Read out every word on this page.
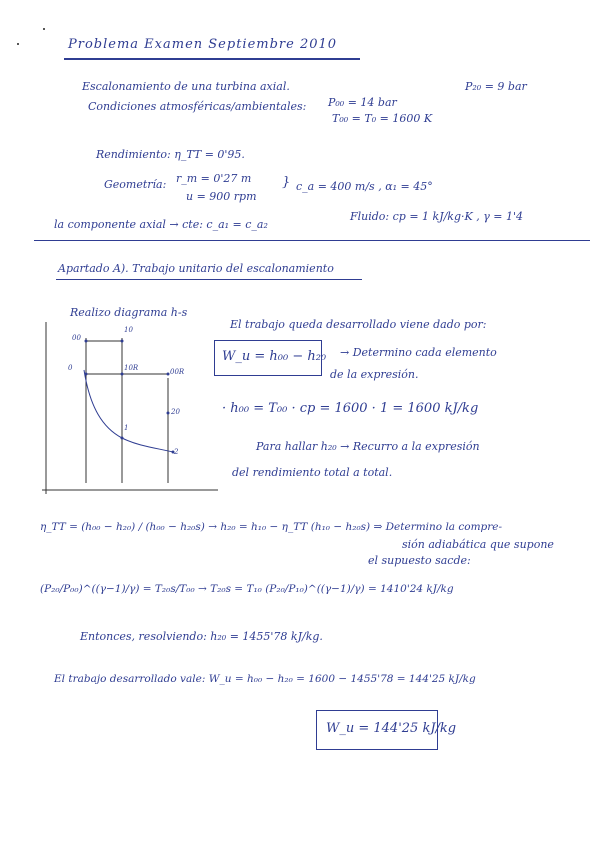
Problema Examen Septiembre 2010
Escalonamiento de una turbina axial.	P₂₀ = 9 bar
Condiciones atmosféricas/ambientales: P₀₀ = 14 bar
T₀₀ = T₀ = 1600 K
Rendimiento: η_TT = 0'95.
Geometría: r_m = 0'27 m
u = 900 rpm
} c_a = 400 m/s , α₁ = 45°
la componente axial → cte: c_a₁ = c_a₂
Fluido: cp = 1 kJ/kg·K , γ = 1'4
Apartado A). Trabajo unitario del escalonamiento
Realizo diagrama h-s
00
10
0	10R	00R
20
1
2
El trabajo queda desarrollado viene dado por:
W_u = h₀₀ − h₂₀ → Determino cada elemento
de la expresión.
· h₀₀ = T₀₀ · cp = 1600 · 1 = 1600 kJ/kg
Para hallar h₂₀ → Recurro a la expresión
del rendimiento total a total.
η_TT = (h₀₀ − h₂₀) / (h₀₀ − h₂₀s) → h₂₀ = h₁₀ − η_TT (h₁₀ − h₂₀s) ⇒ Determino la compre-
sión adiabática que supone
el supuesto sacde:
(P₂₀/P₀₀)^((γ−1)/γ) = T₂₀s/T₀₀ → T₂₀s = T₁₀ (P₂₀/P₁₀)^((γ−1)/γ) = 1410'24 kJ/kg
Entonces, resolviendo: h₂₀ = 1455'78 kJ/kg.
El trabajo desarrollado vale: W_u = h₀₀ − h₂₀ = 1600 − 1455'78 = 144'25 kJ/kg
W_u = 144'25 kJ/kg
